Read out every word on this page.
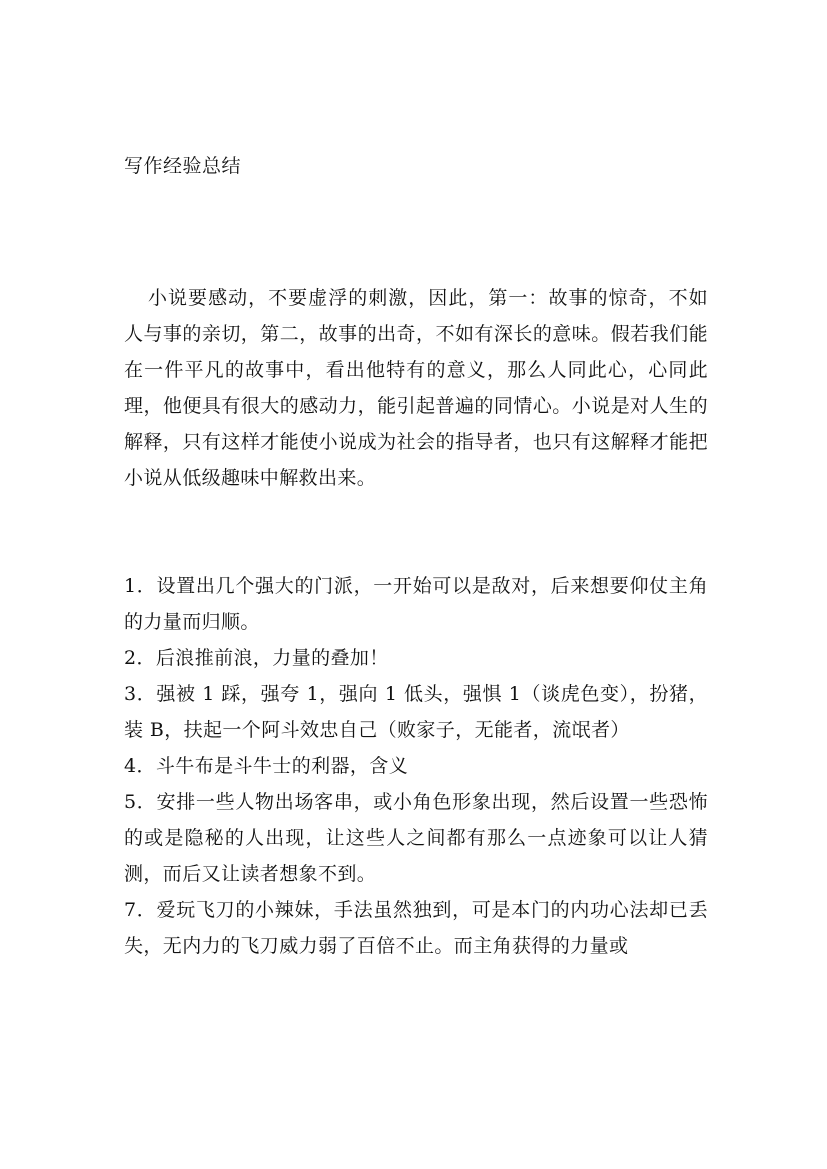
写作经验总结

小说要感动，不要虚浮的刺激，因此，第一：故事的惊奇，不如人与事的亲切，第二，故事的出奇，不如有深长的意味。假若我们能在一件平凡的故事中，看出他特有的意义，那么人同此心，心同此理，他便具有很大的感动力，能引起普遍的同情心。小说是对人生的解释，只有这样才能使小说成为社会的指导者，也只有这解释才能把小说从低级趣味中解救出来。

1．设置出几个强大的门派，一开始可以是敌对，后来想要仰仗主角的力量而归顺。
2．后浪推前浪，力量的叠加！
3．强被 1 踩，强夸 1，强向 1 低头，强惧 1（谈虎色变），扮猪，装 B，扶起一个阿斗效忠自己（败家子，无能者，流氓者）
4．斗牛布是斗牛士的利器，含义
5．安排一些人物出场客串，或小角色形象出现，然后设置一些恐怖的或是隐秘的人出现，让这些人之间都有那么一点迹象可以让人猜测，而后又让读者想象不到。
7．爱玩飞刀的小辣妹，手法虽然独到，可是本门的内功心法却已丢失，无内力的飞刀威力弱了百倍不止。而主角获得的力量或
